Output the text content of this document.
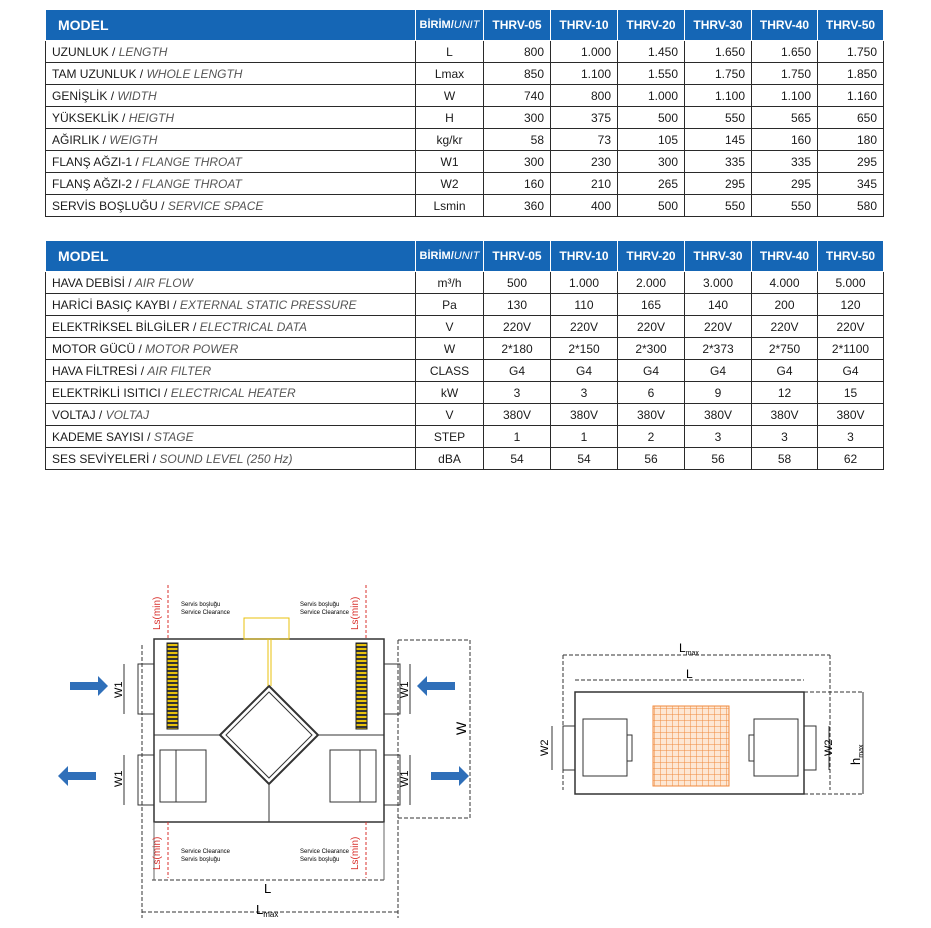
MODEL	BİRİM/UNIT	THRV-05	THRV-10	THRV-20	THRV-30	THRV-40	THRV-50
UZUNLUK / LENGTH	L	800	1.000	1.450	1.650	1.650	1.750
TAM UZUNLUK / WHOLE LENGTH	Lmax	850	1.100	1.550	1.750	1.750	1.850
GENİŞLİK / WIDTH	W	740	800	1.000	1.100	1.100	1.160
YÜKSEKLİK / HEIGTH	H	300	375	500	550	565	650
AĞIRLIK / WEIGTH	kg/kr	58	73	105	145	160	180
FLANŞ AĞZI-1 / FLANGE THROAT	W1	300	230	300	335	335	295
FLANŞ AĞZI-2 / FLANGE THROAT	W2	160	210	265	295	295	345
SERVİS BOŞLUĞU / SERVICE SPACE	Lsmin	360	400	500	550	550	580
MODEL	BİRİM/UNIT	THRV-05	THRV-10	THRV-20	THRV-30	THRV-40	THRV-50
HAVA DEBİSİ / AIR FLOW	m³/h	500	1.000	2.000	3.000	4.000	5.000
HARİCİ BASIÇ KAYBI / EXTERNAL STATIC PRESSURE	Pa	130	110	165	140	200	120
ELEKTRİKSEL BİLGİLER / ELECTRICAL DATA	V	220V	220V	220V	220V	220V	220V
MOTOR GÜCÜ / MOTOR POWER	W	2*180	2*150	2*300	2*373	2*750	2*1100
HAVA FİLTRESİ / AIR FILTER	CLASS	G4	G4	G4	G4	G4	G4
ELEKTRİKLİ ISITICI / ELECTRICAL HEATER	kW	3	3	6	9	12	15
VOLTAJ / VOLTAJ	V	380V	380V	380V	380V	380V	380V
KADEME SAYISI / STAGE	STEP	1	1	2	3	3	3
SES SEVİYELERİ / SOUND LEVEL (250 Hz)	dBA	54	54	56	56	58	62
Servis boşluğu
Service Clearance
Servis boşluğu
Service Clearance
Service Clearance
Servis boşluğu
Service Clearance
Servis boşluğu
Ls(min)	Ls(min)
Ls(min)	Ls(min)
W1
W1
W1
W1
W
L
$L_{max}$
$L_{max}$
L
W2	W2
$h_{max}$
